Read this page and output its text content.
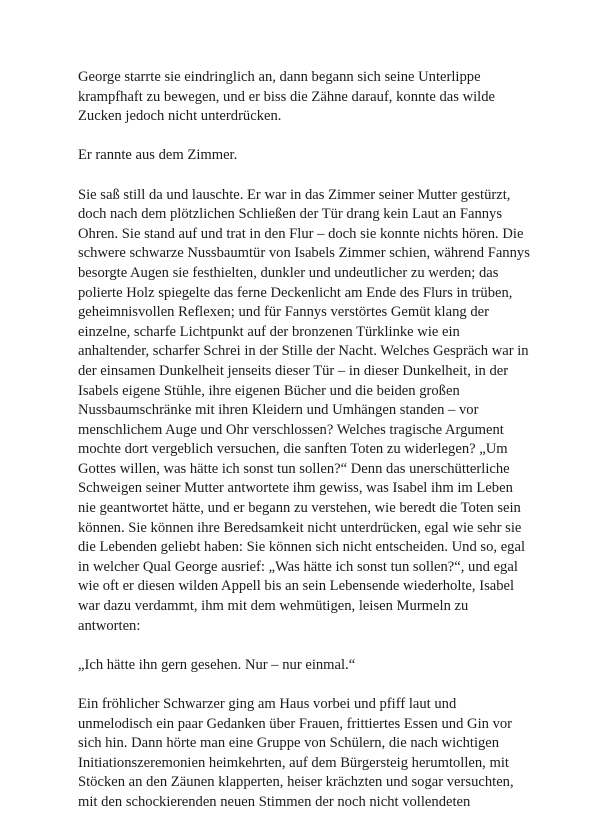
George starrte sie eindringlich an, dann begann sich seine Unterlippe krampfhaft zu bewegen, und er biss die Zähne darauf, konnte das wilde Zucken jedoch nicht unterdrücken.

Er rannte aus dem Zimmer.

Sie saß still da und lauschte. Er war in das Zimmer seiner Mutter gestürzt, doch nach dem plötzlichen Schließen der Tür drang kein Laut an Fannys Ohren. Sie stand auf und trat in den Flur – doch sie konnte nichts hören. Die schwere schwarze Nussbaumtür von Isabels Zimmer schien, während Fannys besorgte Augen sie festhielten, dunkler und undeutlicher zu werden; das polierte Holz spiegelte das ferne Deckenlicht am Ende des Flurs in trüben, geheimnisvollen Reflexen; und für Fannys verstörtes Gemüt klang der einzelne, scharfe Lichtpunkt auf der bronzenen Türklinke wie ein anhaltender, scharfer Schrei in der Stille der Nacht. Welches Gespräch war in der einsamen Dunkelheit jenseits dieser Tür – in dieser Dunkelheit, in der Isabels eigene Stühle, ihre eigenen Bücher und die beiden großen Nussbaumschränke mit ihren Kleidern und Umhängen standen – vor menschlichem Auge und Ohr verschlossen? Welches tragische Argument mochte dort vergeblich versuchen, die sanften Toten zu widerlegen? „Um Gottes willen, was hätte ich sonst tun sollen?“ Denn das unerschütterliche Schweigen seiner Mutter antwortete ihm gewiss, was Isabel ihm im Leben nie geantwortet hätte, und er begann zu verstehen, wie beredt die Toten sein können. Sie können ihre Beredsamkeit nicht unterdrücken, egal wie sehr sie die Lebenden geliebt haben: Sie können sich nicht entscheiden. Und so, egal in welcher Qual George ausrief: „Was hätte ich sonst tun sollen?“, und egal wie oft er diesen wilden Appell bis an sein Lebensende wiederholte, Isabel war dazu verdammt, ihm mit dem wehmütigen, leisen Murmeln zu antworten:

„Ich hätte ihn gern gesehen. Nur – nur einmal.“

Ein fröhlicher Schwarzer ging am Haus vorbei und pfiff laut und unmelodisch ein paar Gedanken über Frauen, frittiertes Essen und Gin vor sich hin. Dann hörte man eine Gruppe von Schülern, die nach wichtigen Initiationszeremonien heimkehrten, auf dem Bürgersteig herumtollen, mit Stöcken an den Zäunen klapperten, heiser krächzten und sogar versuchten, mit den schockierenden neuen Stimmen der noch nicht vollendeten
